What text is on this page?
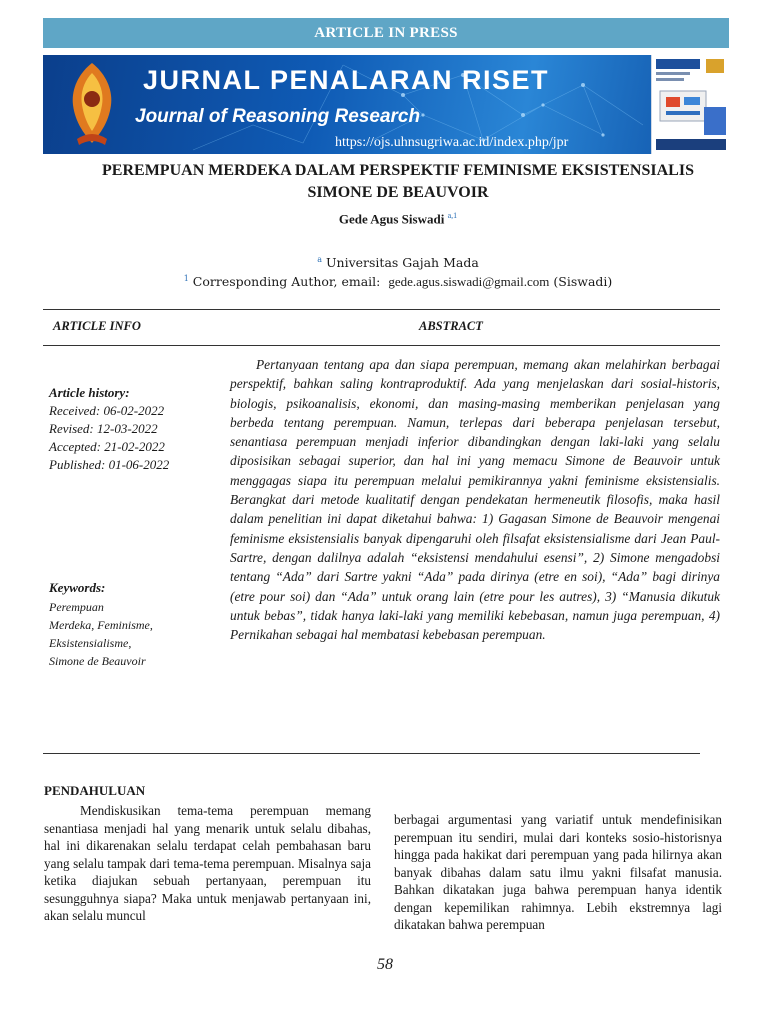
ARTICLE IN PRESS
JURNAL PENALARAN RISET
Journal of Reasoning Research
https://ojs.uhnsugriwa.ac.id/index.php/jpr
PEREMPUAN MERDEKA DALAM PERSPEKTIF FEMINISME EKSISTENSIALIS
SIMONE DE BEAUVOIR
Gede Agus Siswadi $^{a,1}$
$^a$ Universitas Gajah Mada
$^1$ Corresponding Author, email: gede.agus.siswadi@gmail.com (Siswadi)
ARTICLE INFO	ABSTRACT
Article history:
Received: 06-02-2022
Revised: 12-03-2022
Accepted: 21-02-2022
Published: 01-06-2022
Keywords:
Perempuan
Merdeka, Feminisme,
Eksistensialisme,
Simone de Beauvoir

Pertanyaan tentang apa dan siapa perempuan, memang akan melahirkan berbagai perspektif, bahkan saling kontraproduktif. Ada yang menjelaskan dari sosial-historis, biologis, psikoanalisis, ekonomi, dan masing-masing memberikan penjelasan yang berbeda tentang perempuan. Namun, terlepas dari beberapa penjelasan tersebut, senantiasa perempuan menjadi inferior dibandingkan dengan laki-laki yang selalu diposisikan sebagai superior, dan hal ini yang memacu Simone de Beauvoir untuk menggagas siapa itu perempuan melalui pemikirannya yakni feminisme eksistensialis. Berangkat dari metode kualitatif dengan pendekatan hermeneutik filosofis, maka hasil dalam penelitian ini dapat diketahui bahwa: 1) Gagasan Simone de Beauvoir mengenai feminisme eksistensialis banyak dipengaruhi oleh filsafat eksistensialisme dari Jean Paul-Sartre, dengan dalilnya adalah “eksistensi mendahului esensi”, 2) Simone mengadobsi tentang “Ada” dari Sartre yakni “Ada” pada dirinya (etre en soi), “Ada” bagi dirinya (etre pour soi) dan “Ada” untuk orang lain (etre pour les autres), 3) “Manusia dikutuk untuk bebas”, tidak hanya laki-laki yang memiliki kebebasan, namun juga perempuan, 4) Pernikahan sebagai hal membatasi kebebasan perempuan.

PENDAHULUAN

Mendiskusikan tema-tema perempuan memang senantiasa menjadi hal yang menarik untuk selalu dibahas, hal ini dikarenakan selalu terdapat celah pembahasan baru yang selalu tampak dari tema-tema perempuan. Misalnya saja ketika diajukan sebuah pertanyaan, perempuan itu sesungguhnya siapa? Maka untuk menjawab pertanyaan ini, akan selalu muncul

berbagai argumentasi yang variatif untuk mendefinisikan perempuan itu sendiri, mulai dari konteks sosio-historisnya hingga pada hakikat dari perempuan yang pada hilirnya akan banyak dibahas dalam satu ilmu yakni filsafat manusia. Bahkan dikatakan juga bahwa perempuan hanya identik dengan kepemilikan rahimnya. Lebih ekstremnya lagi dikatakan bahwa perempuan

58
